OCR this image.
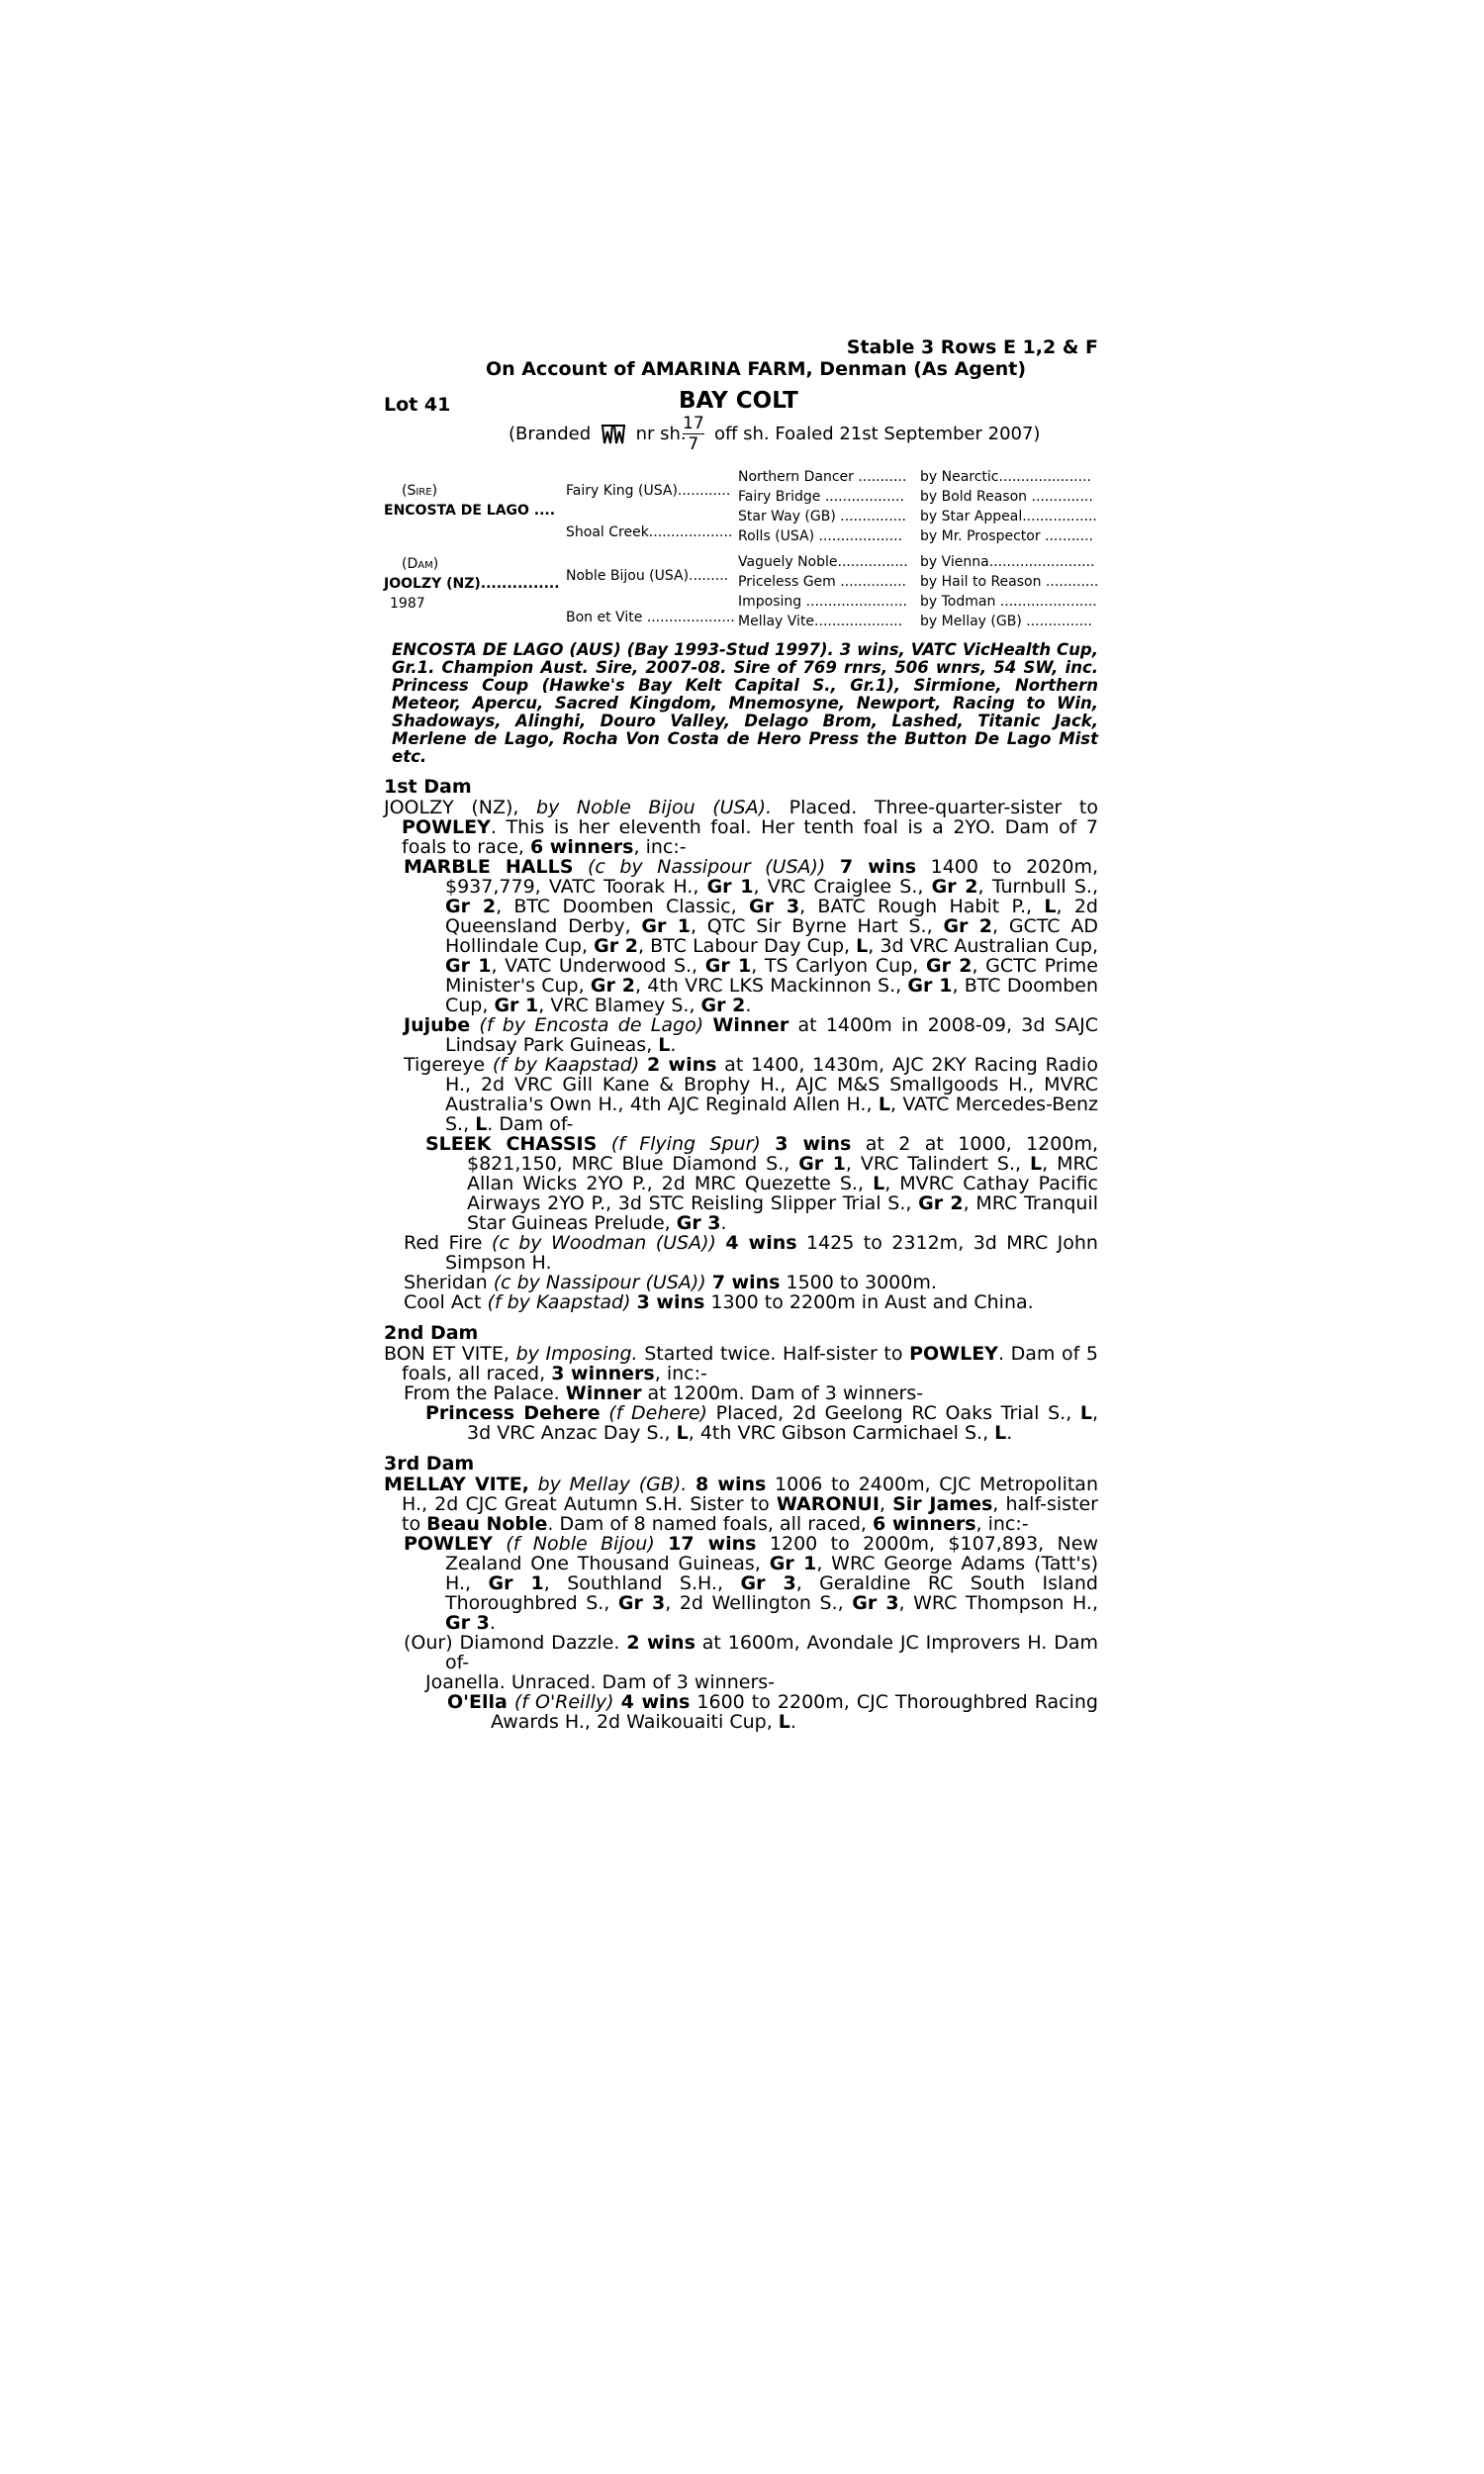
Stable 3 Rows E 1,2 & F
On Account of AMARINA FARM, Denman (As Agent)
Lot 41	BAY COLT
(Branded	nr sh.
$\frac{17}{7}$ off sh. Foaled 21st September 2007)
(Sire)
ENCOSTA DE LAGO ....
(Dam)
JOOLZY (NZ)...............
1987
Fairy King (USA)............
Shoal Creek...................
Noble Bijou (USA).........
Bon et Vite ....................
Northern Dancer ...........
Fairy Bridge ..................
Star Way (GB) ...............
Rolls (USA) ...................
Vaguely Noble................
Priceless Gem ...............
Imposing .......................
Mellay Vite....................
by Nearctic.....................
by Bold Reason ..............
by Star Appeal.................
by Mr. Prospector ...........
by Vienna........................
by Hail to Reason ............
by Todman ......................
by Mellay (GB) ...............
ENCOSTA DE LAGO (AUS) (Bay 1993-Stud 1997). 3 wins, VATC VicHealth Cup, Gr.1. Champion Aust. Sire, 2007-08. Sire of 769 rnrs, 506 wnrs, 54 SW, inc. Princess Coup (Hawke's Bay Kelt Capital S., Gr.1), Sirmione, Northern Meteor, Apercu, Sacred Kingdom, Mnemosyne, Newport, Racing to Win, Shadoways, Alinghi, Douro Valley, Delago Brom, Lashed, Titanic Jack, Merlene de Lago, Rocha Von Costa de Hero Press the Button De Lago Mist etc.
1st Dam
JOOLZY (NZ), by Noble Bijou (USA). Placed. Three-quarter-sister to POWLEY. This is her eleventh foal. Her tenth foal is a 2YO. Dam of 7 foals to race, 6 winners, inc:-
MARBLE HALLS (c by Nassipour (USA)) 7 wins 1400 to 2020m, $937,779, VATC Toorak H., Gr 1, VRC Craiglee S., Gr 2, Turnbull S., Gr 2, BTC Doomben Classic, Gr 3, BATC Rough Habit P., L, 2d Queensland Derby, Gr 1, QTC Sir Byrne Hart S., Gr 2, GCTC AD Hollindale Cup, Gr 2, BTC Labour Day Cup, L, 3d VRC Australian Cup, Gr 1, VATC Underwood S., Gr 1, TS Carlyon Cup, Gr 2, GCTC Prime Minister's Cup, Gr 2, 4th VRC LKS Mackinnon S., Gr 1, BTC Doomben Cup, Gr 1, VRC Blamey S., Gr 2.
Jujube (f by Encosta de Lago) Winner at 1400m in 2008-09, 3d SAJC Lindsay Park Guineas, L.
Tigereye (f by Kaapstad) 2 wins at 1400, 1430m, AJC 2KY Racing Radio H., 2d VRC Gill Kane & Brophy H., AJC M&S Smallgoods H., MVRC Australia's Own H., 4th AJC Reginald Allen H., L, VATC Mercedes-Benz S., L. Dam of-
SLEEK CHASSIS (f Flying Spur) 3 wins at 2 at 1000, 1200m, $821,150, MRC Blue Diamond S., Gr 1, VRC Talindert S., L, MRC Allan Wicks 2YO P., 2d MRC Quezette S., L, MVRC Cathay Pacific Airways 2YO P., 3d STC Reisling Slipper Trial S., Gr 2, MRC Tranquil Star Guineas Prelude, Gr 3.
Red Fire (c by Woodman (USA)) 4 wins 1425 to 2312m, 3d MRC John Simpson H.
Sheridan (c by Nassipour (USA)) 7 wins 1500 to 3000m.
Cool Act (f by Kaapstad) 3 wins 1300 to 2200m in Aust and China.
2nd Dam
BON ET VITE, by Imposing. Started twice. Half-sister to POWLEY. Dam of 5 foals, all raced, 3 winners, inc:-
From the Palace. Winner at 1200m. Dam of 3 winners-
Princess Dehere (f Dehere) Placed, 2d Geelong RC Oaks Trial S., L, 3d VRC Anzac Day S., L, 4th VRC Gibson Carmichael S., L.
3rd Dam
MELLAY VITE, by Mellay (GB). 8 wins 1006 to 2400m, CJC Metropolitan H., 2d CJC Great Autumn S.H. Sister to WARONUI, Sir James, half-sister to Beau Noble. Dam of 8 named foals, all raced, 6 winners, inc:-
POWLEY (f Noble Bijou) 17 wins 1200 to 2000m, $107,893, New Zealand One Thousand Guineas, Gr 1, WRC George Adams (Tatt's) H., Gr 1, Southland S.H., Gr 3, Geraldine RC South Island Thoroughbred S., Gr 3, 2d Wellington S., Gr 3, WRC Thompson H., Gr 3.
(Our) Diamond Dazzle. 2 wins at 1600m, Avondale JC Improvers H. Dam of-
Joanella. Unraced. Dam of 3 winners-
O'Ella (f O'Reilly) 4 wins 1600 to 2200m, CJC Thoroughbred Racing Awards H., 2d Waikouaiti Cup, L.
